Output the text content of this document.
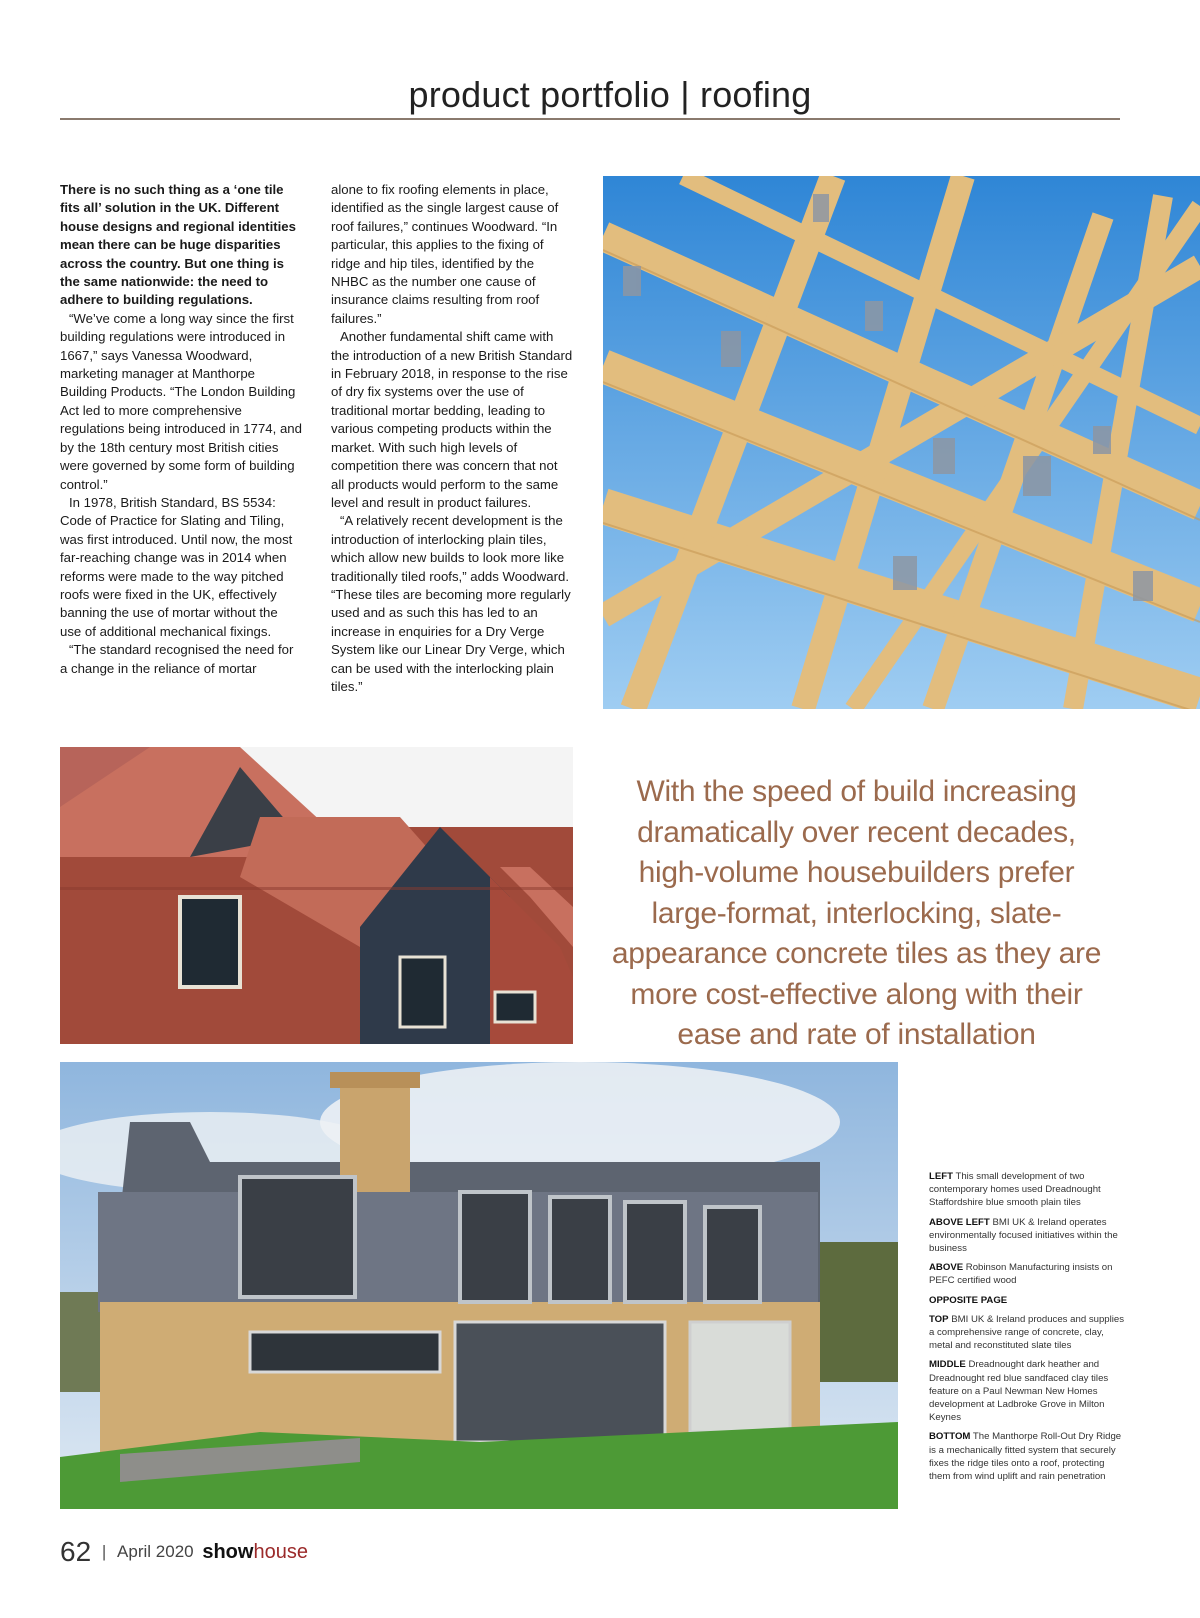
product portfolio | roofing

There is no such thing as a ‘one tile fits all’ solution in the UK. Different house designs and regional identities mean there can be huge disparities across the country. But one thing is the same nationwide: the need to adhere to building regulations.

“We’ve come a long way since the first building regulations were introduced in 1667,” says Vanessa Woodward, marketing manager at Manthorpe Building Products. “The London Building Act led to more comprehensive regulations being introduced in 1774, and by the 18th century most British cities were governed by some form of building control.”

In 1978, British Standard, BS 5534: Code of Practice for Slating and Tiling, was first introduced. Until now, the most far-reaching change was in 2014 when reforms were made to the way pitched roofs were fixed in the UK, effectively banning the use of mortar without the use of additional mechanical fixings.

“The standard recognised the need for a change in the reliance of mortar

alone to fix roofing elements in place, identified as the single largest cause of roof failures,” continues Woodward. “In particular, this applies to the fixing of ridge and hip tiles, identified by the NHBC as the number one cause of insurance claims resulting from roof failures.”

Another fundamental shift came with the introduction of a new British Standard in February 2018, in response to the rise of dry fix systems over the use of traditional mortar bedding, leading to various competing products within the market. With such high levels of competition there was concern that not all products would perform to the same level and result in product failures.

“A relatively recent development is the introduction of interlocking plain tiles, which allow new builds to look more like traditionally tiled roofs,” adds Woodward. “These tiles are becoming more regularly used and as such this has led to an increase in enquiries for a Dry Verge System like our Linear Dry Verge, which can be used with the interlocking plain tiles.”

With the speed of build increasing dramatically over recent decades, high-volume housebuilders prefer large-format, interlocking, slate-appearance concrete tiles as they are more cost-effective along with their ease and rate of installation

LEFT This small development of two contemporary homes used Dreadnought Staffordshire blue smooth plain tiles

ABOVE LEFT BMI UK & Ireland operates environmentally focused initiatives within the business

ABOVE Robinson Manufacturing insists on PEFC certified wood

OPPOSITE PAGE

TOP BMI UK & Ireland produces and supplies a comprehensive range of concrete, clay, metal and reconstituted slate tiles

MIDDLE Dreadnought dark heather and Dreadnought red blue sandfaced clay tiles feature on a Paul Newman New Homes development at Ladbroke Grove in Milton Keynes

BOTTOM The Manthorpe Roll-Out Dry Ridge is a mechanically fitted system that securely fixes the ridge tiles onto a roof, protecting them from wind uplift and rain penetration

62 | April 2020 showhouse
